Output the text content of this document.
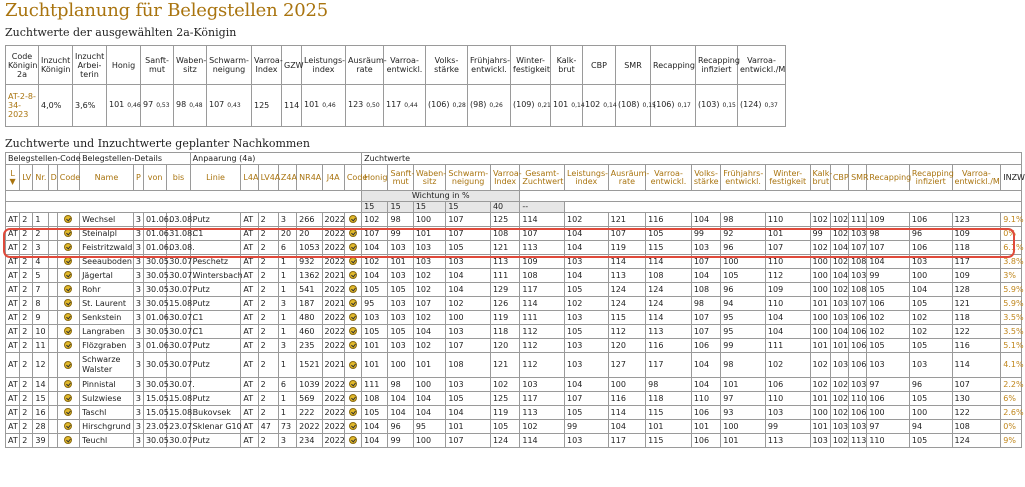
Zuchtplanung für Belegstellen 2025
Zuchtwerte der ausgewählten 2a-Königin
Code Königin 2a	Inzucht Königin	Inzucht Arbei-terin	Honig	Sanft-mut	Waben-sitz	Schwarm-neigung	Varroa-Index	GZW	Leistungs-index	Ausräum-rate	Varroa-entwickl.	Volks-stärke	Frühjahrs-entwickl.	Winter-festigkeit	Kalk-brut	CBP	SMR	Recapping	Recapping infiziert	Varroa-entwickl./M
AT-2-8-34-2023	4,0%	3,6%	101 0,46	97 0,53	98 0,48	107 0,43	125	114	101 0,46	123 0,50	117 0,44	(106) 0,28	(98) 0,26	(109) 0,21	101 0,14	102 0,14	(108) 0,15	(106) 0,17	(103) 0,15	(124) 0,37
Zuchtwerte und Inzuchtwerte geplanter Nachkommen
Belegstellen-Code					Belegstellen-Details				Anpaarung (4a)							Zuchtwerte																		
L ▼	LV	Nr.	D	Code	Name	P	von	bis	Linie	L4A	LV4A	Z4A	NR4A	J4A	Code	Honig	Sanft-mut	Waben-sitz	Schwarm-neigung	Varroa-Index	Gesamt-Zuchtwert	Leistungs-index	Ausräum-rate	Varroa-entwickl.	Volks-stärke	Frühjahrs-entwickl.	Winter-festigkeit	Kalk-brut	CBP	SMR	Recapping	Recapping infiziert	Varroa-entwickl./M	INZW
																Wichtung in %																		
																15	15	15	15	40	--													
AT	2	1			Wechsel	3	01.06.	03.08.	Putz	AT	2	3	266	2022		102	98	100	107	125	114	102	121	116	104	98	110	102	102	111	109	106	123	9.1%
AT	2	2			Steinalpl	3	01.06.	31.08.	C1	AT	2	20	20	2022		107	99	101	107	108	107	104	107	105	99	92	101	99	102	103	98	96	109	0%
AT	2	3			Feistritzwald	3	01.06.	03.08.		AT	2	6	1053	2022		104	103	103	105	121	113	104	119	115	103	96	107	102	104	107	107	106	118	6.1%
AT	2	4			Seeauboden	3	30.05.	30.07.	Peschetz	AT	2	1	932	2022		102	101	103	103	113	109	103	114	114	107	100	110	100	102	108	104	103	117	3.8%
AT	2	5			Jägertal	3	30.05.	30.07.	Wintersbach	AT	2	1	1362	2021		104	103	102	104	111	108	104	113	108	104	105	112	100	104	103	99	100	109	3%
AT	2	7			Rohr	3	30.05.	30.07.	Putz	AT	2	1	541	2022		105	105	102	104	129	117	105	124	124	108	96	109	100	102	108	105	104	128	5.9%
AT	2	8			St. Laurent	3	30.05.	15.08.	Putz	AT	2	3	187	2021		95	103	107	102	126	114	102	124	124	98	94	110	101	103	107	106	105	121	5.9%
AT	2	9			Senkstein	3	01.06.	30.07.	C1	AT	2	1	480	2022		103	103	102	100	119	111	103	115	114	107	95	104	100	103	106	102	102	118	3.5%
AT	2	10			Langraben	3	30.05.	30.07.	C1	AT	2	1	460	2022		105	105	104	103	118	112	105	112	113	107	95	104	100	104	106	102	102	122	3.5%
AT	2	11			Flözgraben	3	01.06.	30.07.	Putz	AT	2	3	235	2022		101	103	102	107	120	112	103	120	116	106	99	111	101	101	106	105	105	116	5.1%
AT	2	12			Schwarze Walster	3	30.05.	30.07.	Putz	AT	2	1	1521	2021		101	100	101	108	121	112	103	127	117	104	98	102	102	103	106	103	103	114	4.1%
AT	2	14			Pinnistal	3	30.05.	30.07.		AT	2	6	1039	2022		111	98	100	103	102	103	104	100	98	104	101	106	102	102	103	97	96	107	2.2%
AT	2	15			Sulzwiese	3	15.05.	15.08.	Putz	AT	2	1	569	2022		108	104	104	105	125	117	107	116	118	110	97	110	101	102	110	106	105	130	6%
AT	2	16			Taschl	3	15.05.	15.08.	Bukovsek	AT	2	1	222	2022		105	104	104	104	119	113	105	114	115	106	93	103	100	102	106	100	100	122	2.6%
AT	2	28			Hirschgrund	3	23.05.	23.07.	Sklenar G10	AT	47	73	2022	2022		104	96	95	101	105	102	99	104	101	101	100	99	101	103	103	97	94	108	0%
AT	2	39			Teuchl	3	30.05.	30.07.	Putz	AT	2	3	234	2022		104	99	100	107	124	114	103	117	115	106	101	113	103	102	113	110	105	124	9%
